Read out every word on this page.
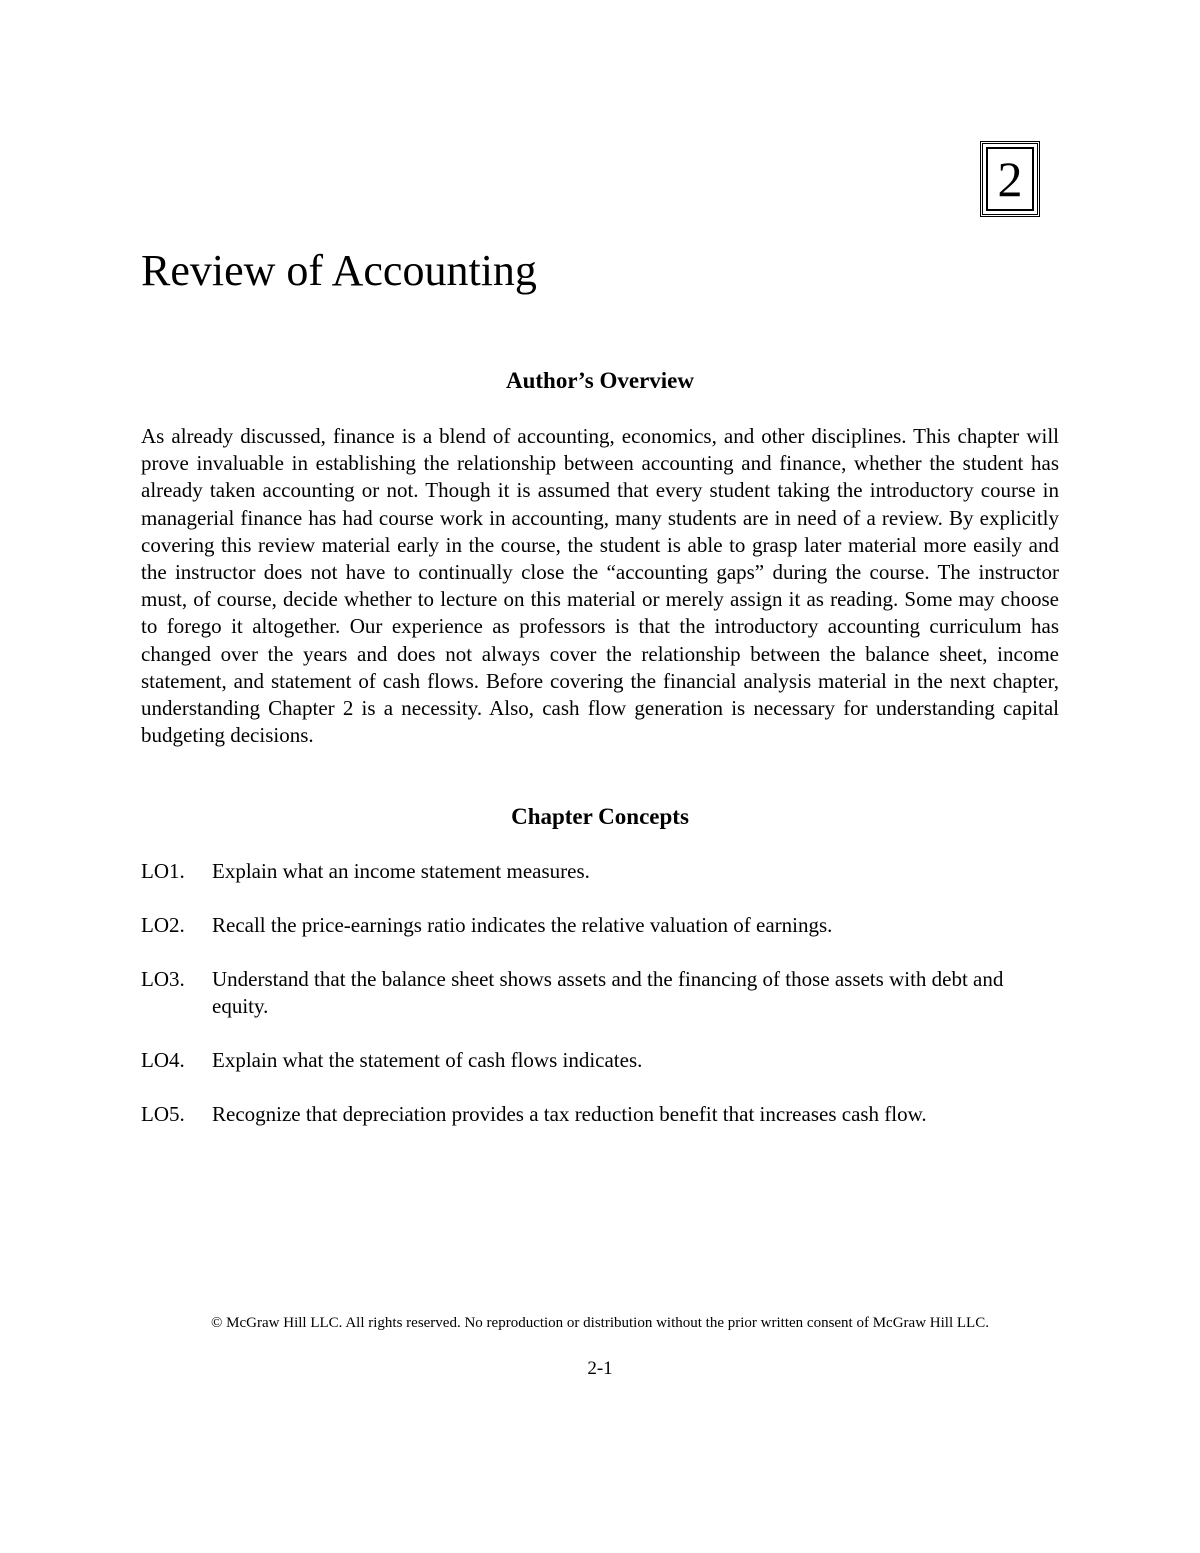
2
Review of Accounting
Author’s Overview

As already discussed, finance is a blend of accounting, economics, and other disciplines. This chapter will prove invaluable in establishing the relationship between accounting and finance, whether the student has already taken accounting or not. Though it is assumed that every student taking the introductory course in managerial finance has had course work in accounting, many students are in need of a review. By explicitly covering this review material early in the course, the student is able to grasp later material more easily and the instructor does not have to continually close the “accounting gaps” during the course. The instructor must, of course, decide whether to lecture on this material or merely assign it as reading. Some may choose to forego it altogether. Our experience as professors is that the introductory accounting curriculum has changed over the years and does not always cover the relationship between the balance sheet, income statement, and statement of cash flows. Before covering the financial analysis material in the next chapter, understanding Chapter 2 is a necessity. Also, cash flow generation is necessary for understanding capital budgeting decisions.

Chapter Concepts
LO1.	Explain what an income statement measures.
LO2.	Recall the price-earnings ratio indicates the relative valuation of earnings.
LO3.	Understand that the balance sheet shows assets and the financing of those assets with debt and equity.
LO4.	Explain what the statement of cash flows indicates.
LO5.	Recognize that depreciation provides a tax reduction benefit that increases cash flow.

© McGraw Hill LLC. All rights reserved. No reproduction or distribution without the prior written consent of McGraw Hill LLC.

2-1
